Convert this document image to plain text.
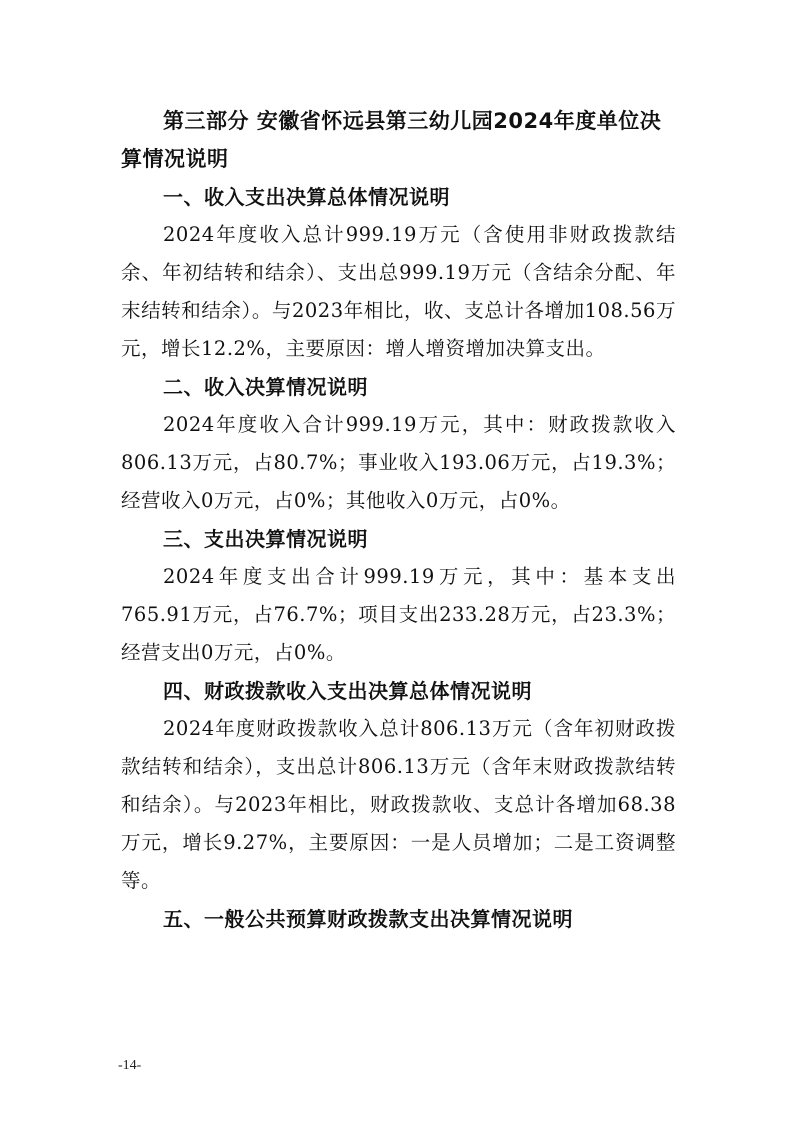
第三部分 安徽省怀远县第三幼儿园2024年度单位决算情况说明

一、收入支出决算总体情况说明

2024年度收入总计999.19万元（含使用非财政拨款结余、年初结转和结余）、支出总999.19万元（含结余分配、年末结转和结余）。与2023年相比，收、支总计各增加108.56万元，增长12.2%，主要原因：增人增资增加决算支出。

二、收入决算情况说明

2024年度收入合计999.19万元，其中：财政拨款收入806.13万元，占80.7%；事业收入193.06万元，占19.3%；经营收入0万元，占0%；其他收入0万元，占0%。

三、支出决算情况说明

2024年度支出合计999.19万元，其中：基本支出765.91万元，占76.7%；项目支出233.28万元，占23.3%；经营支出0万元，占0%。

四、财政拨款收入支出决算总体情况说明

2024年度财政拨款收入总计806.13万元（含年初财政拨款结转和结余），支出总计806.13万元（含年末财政拨款结转和结余）。与2023年相比，财政拨款收、支总计各增加68.38万元，增长9.27%，主要原因：一是人员增加；二是工资调整等。

五、一般公共预算财政拨款支出决算情况说明

-14-
